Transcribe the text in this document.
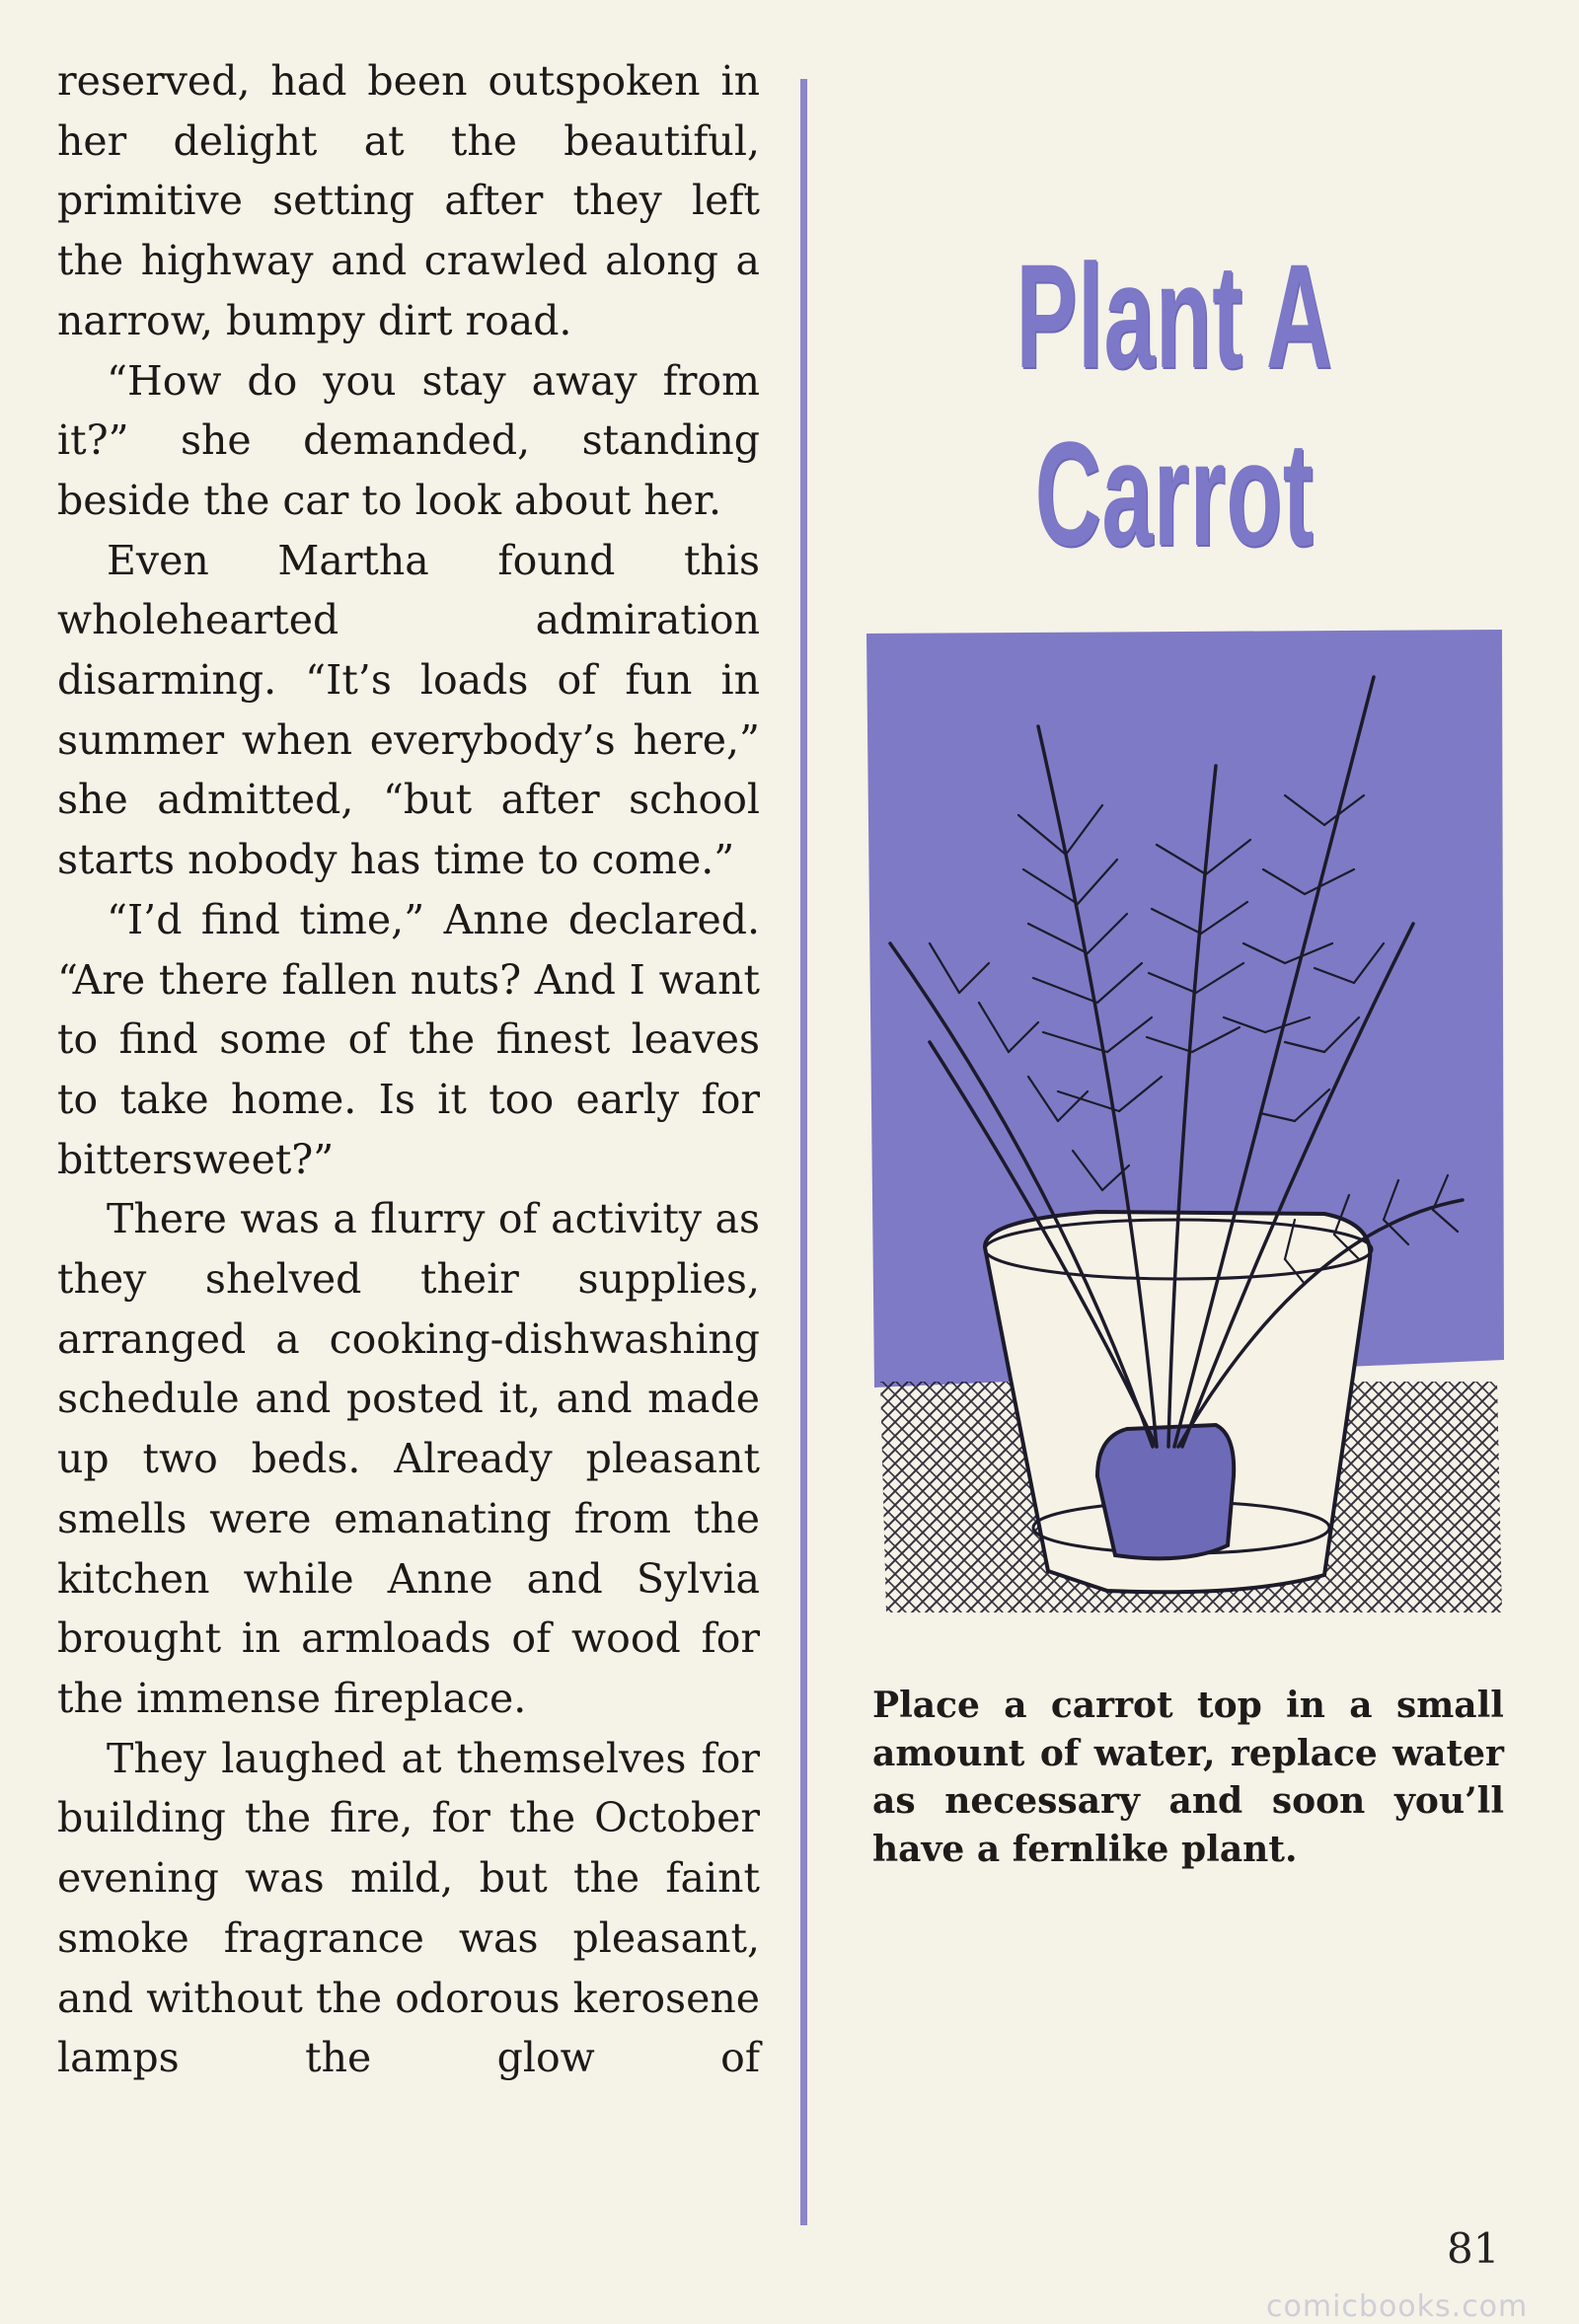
reserved, had been outspoken in her delight at the beautiful, primitive setting after they left the highway and crawled along a narrow, bumpy dirt road.

“How do you stay away from it?” she demanded, standing beside the car to look about her.

Even Martha found this wholehearted admiration disarming. “It’s loads of fun in summer when everybody’s here,” she admitted, “but after school starts nobody has time to come.”

“I’d find time,” Anne declared. “Are there fallen nuts? And I want to find some of the finest leaves to take home. Is it too early for bittersweet?”

There was a flurry of activity as they shelved their supplies, arranged a cooking-dishwashing schedule and posted it, and made up two beds. Already pleasant smells were emanating from the kitchen while Anne and Sylvia brought in armloads of wood for the immense fireplace.

They laughed at themselves for building the fire, for the October evening was mild, but the faint smoke fragrance was pleasant, and without the odorous kerosene lamps the glow of

Plant A
Carrot
Place a carrot top in a small amount of water, replace water as necessary and soon you’ll have a fernlike plant.
81
comicbooks.com
